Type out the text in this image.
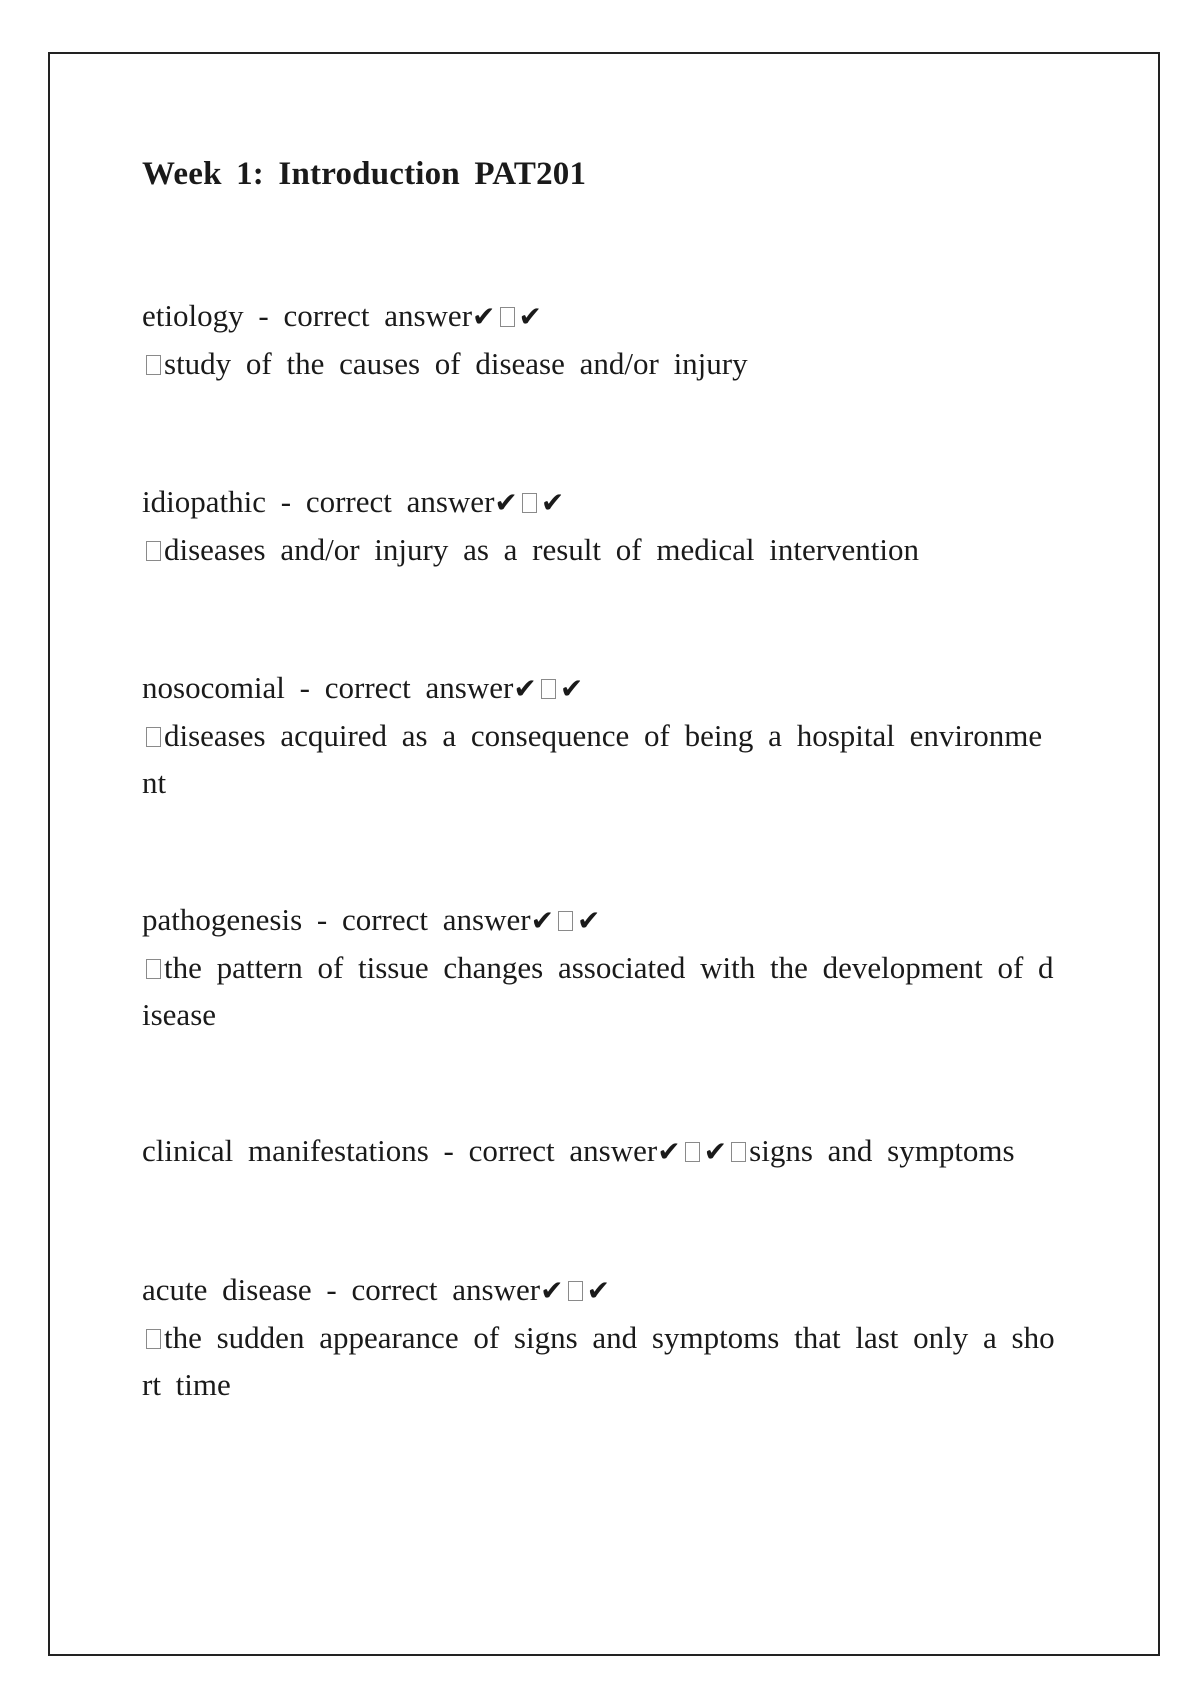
Week 1: Introduction PAT201
etiology - correct answer✔ ✔
study of the causes of disease and/or injury
idiopathic - correct answer✔ ✔
diseases and/or injury as a result of medical intervention
nosocomial - correct answer✔ ✔
diseases acquired as a consequence of being a hospital environme nt
pathogenesis - correct answer✔ ✔
the pattern of tissue changes associated with the development of d isease
clinical manifestations - correct answer✔ ✔ signs and symptoms
acute disease - correct answer✔ ✔
the sudden appearance of signs and symptoms that last only a sho rt time
